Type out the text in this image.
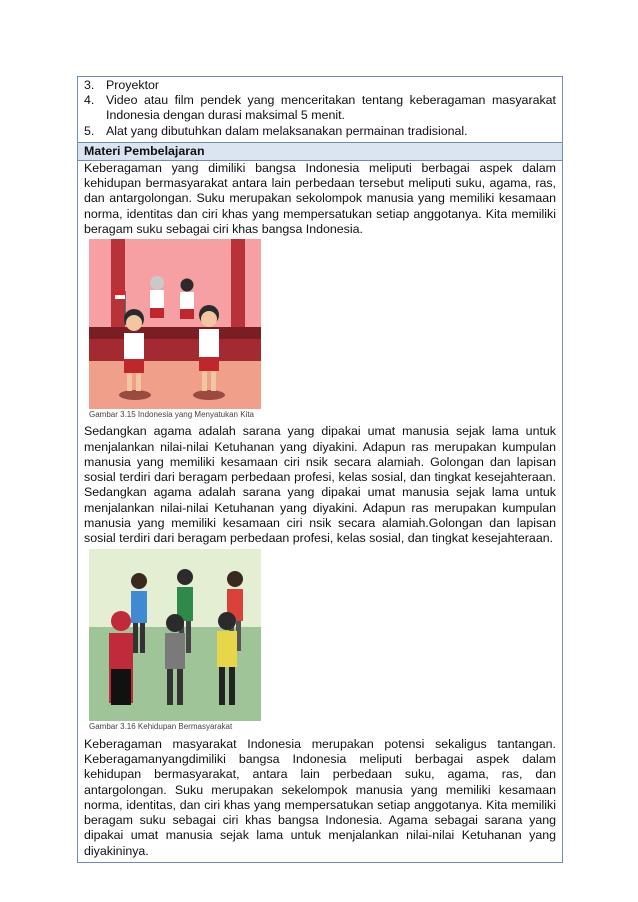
3. Proyektor
4. Video atau film pendek yang menceritakan tentang keberagaman masyarakat Indonesia dengan durasi maksimal 5 menit.
5. Alat yang dibutuhkan dalam melaksanakan permainan tradisional.
Materi Pembelajaran

Keberagaman yang dimiliki bangsa Indonesia meliputi berbagai aspek dalam kehidupan bermasyarakat antara lain perbedaan tersebut meliputi suku, agama, ras, dan antargolongan. Suku merupakan sekolompok manusia yang memiliki kesamaan norma, identitas dan ciri khas yang mempersatukan setiap anggotanya. Kita memiliki beragam suku sebagai ciri khas bangsa Indonesia.

Gambar 3.15 Indonesia yang Menyatukan Kita

Sedangkan agama adalah sarana yang dipakai umat manusia sejak lama untuk menjalankan nilai-nilai Ketuhanan yang diyakini. Adapun ras merupakan kumpulan manusia yang memiliki kesamaan ciri nsik secara alamiah. Golongan dan lapisan sosial terdiri dari beragam perbedaan profesi, kelas sosial, dan tingkat kesejahteraan. Sedangkan agama adalah sarana yang dipakai umat manusia sejak lama untuk menjalankan nilai-nilai Ketuhanan yang diyakini. Adapun ras merupakan kumpulan manusia yang memiliki kesamaan ciri nsik secara alamiah.Golongan dan lapisan sosial terdiri dari beragam perbedaan profesi, kelas sosial, dan tingkat kesejahteraan.

Gambar 3.16 Kehidupan Bermasyarakat

Keberagaman masyarakat Indonesia merupakan potensi sekaligus tantangan. Keberagamanyangdimiliki bangsa Indonesia meliputi berbagai aspek dalam kehidupan bermasyarakat, antara lain perbedaan suku, agama, ras, dan antargolongan. Suku merupakan sekelompok manusia yang memiliki kesamaan norma, identitas, dan ciri khas yang mempersatukan setiap anggotanya. Kita memiliki beragam suku sebagai ciri khas bangsa Indonesia. Agama sebagai sarana yang dipakai umat manusia sejak lama untuk menjalankan nilai-nilai Ketuhanan yang diyakininya.
